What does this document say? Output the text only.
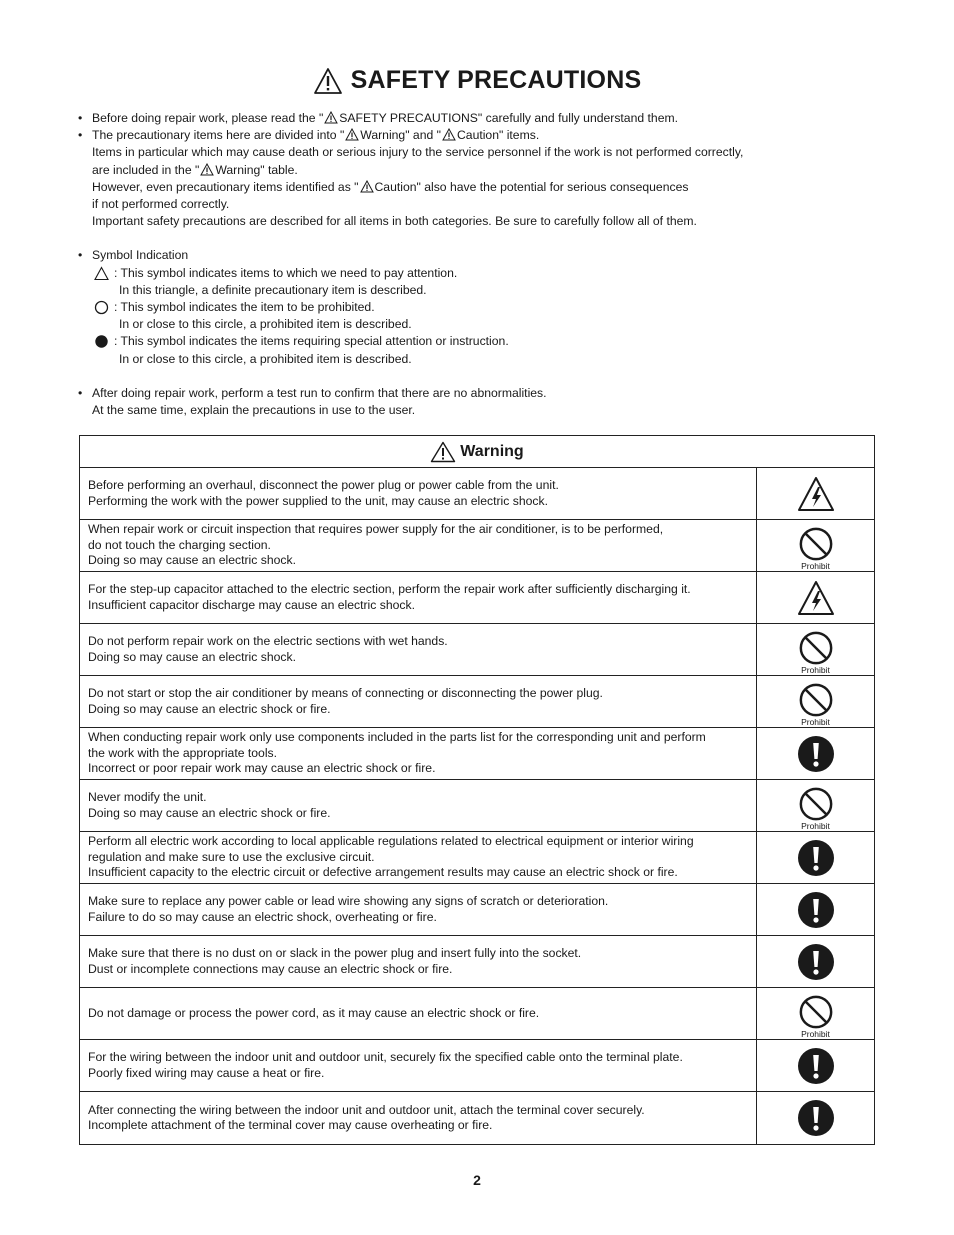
SAFETY PRECAUTIONS
• Before doing repair work, please read the " SAFETY PRECAUTIONS" carefully and fully understand them.
• The precautionary items here are divided into " Warning" and " Caution" items.
Items in particular which may cause death or serious injury to the service personnel if the work is not performed correctly,
are included in the " Warning" table.
However, even precautionary items identified as " Caution" also have the potential for serious consequences
if not performed correctly.
Important safety precautions are described for all items in both categories. Be sure to carefully follow all of them.
• Symbol Indication
: This symbol indicates items to which we need to pay attention.
In this triangle, a definite precautionary item is described.
: This symbol indicates the item to be prohibited.
In or close to this circle, a prohibited item is described.
: This symbol indicates the items requiring special attention or instruction.
In or close to this circle, a prohibited item is described.
• After doing repair work, perform a test run to confirm that there are no abnormalities.
At the same time, explain the precautions in use to the user.
Warning
Before performing an overhaul, disconnect the power plug or power cable from the unit.
Performing the work with the power supplied to the unit, may cause an electric shock.
When repair work or circuit inspection that requires power supply for the air conditioner, is to be performed,
do not touch the charging section.
Doing so may cause an electric shock.	Prohibit
For the step-up capacitor attached to the electric section, perform the repair work after sufficiently discharging it.
Insufficient capacitor discharge may cause an electric shock.
Do not perform repair work on the electric sections with wet hands.
Doing so may cause an electric shock.
Prohibit
Do not start or stop the air conditioner by means of connecting or disconnecting the power plug.
Doing so may cause an electric shock or fire.
Prohibit
When conducting repair work only use components included in the parts list for the corresponding unit and perform
the work with the appropriate tools.
Incorrect or poor repair work may cause an electric shock or fire.
Never modify the unit.
Doing so may cause an electric shock or fire.
Prohibit
Perform all electric work according to local applicable regulations related to electrical equipment or interior wiring
regulation and make sure to use the exclusive circuit.
Insufficient capacity to the electric circuit or defective arrangement results may cause an electric shock or fire.
Make sure to replace any power cable or lead wire showing any signs of scratch or deterioration.
Failure to do so may cause an electric shock, overheating or fire.
Make sure that there is no dust on or slack in the power plug and insert fully into the socket.
Dust or incomplete connections may cause an electric shock or fire.
Do not damage or process the power cord, as it may cause an electric shock or fire.
Prohibit
For the wiring between the indoor unit and outdoor unit, securely fix the specified cable onto the terminal plate.
Poorly fixed wiring may cause a heat or fire.
After connecting the wiring between the indoor unit and outdoor unit, attach the terminal cover securely.
Incomplete attachment of the terminal cover may cause overheating or fire.
2
